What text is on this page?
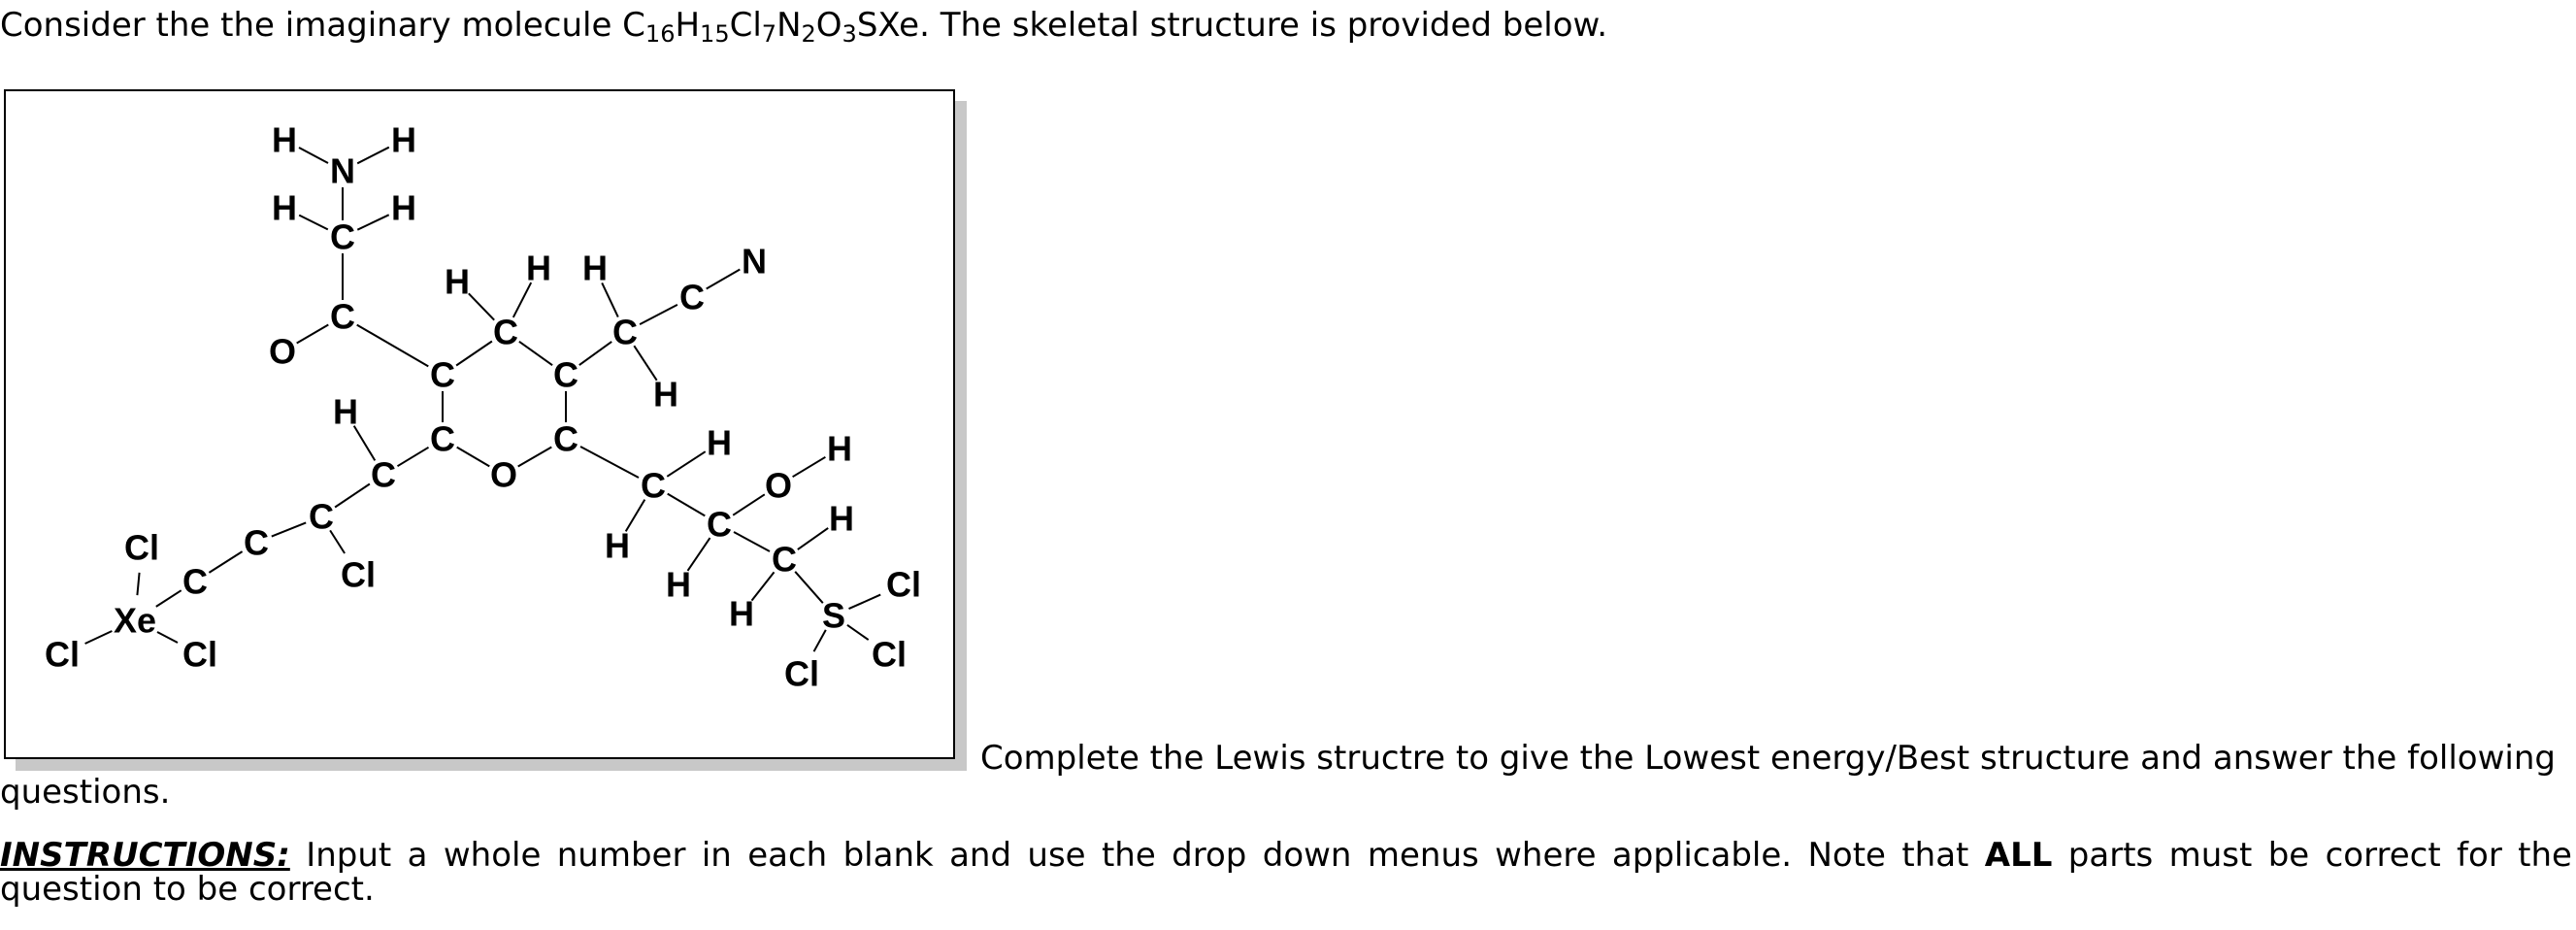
Consider the the imaginary molecule $C_{16}H_{15}Cl_7N_2O_3SXe$. The skeletal structure is provided below.
N
H	H
C
H	H
C
O
C
C
H H
C
H
C
C
N
H
C
O
C
C
H
C
Cl
C
C
Xe
Cl
Cl	Cl
C
H
O
H
C
H
H
C
H
H S
Cl
Cl
Cl
Complete the Lewis structre to give the Lowest energy/Best structure and answer the following questions.
INSTRUCTIONS: Input a whole number in each blank and use the drop down menus where applicable. Note that ALL parts must be correct for the question to be correct.
